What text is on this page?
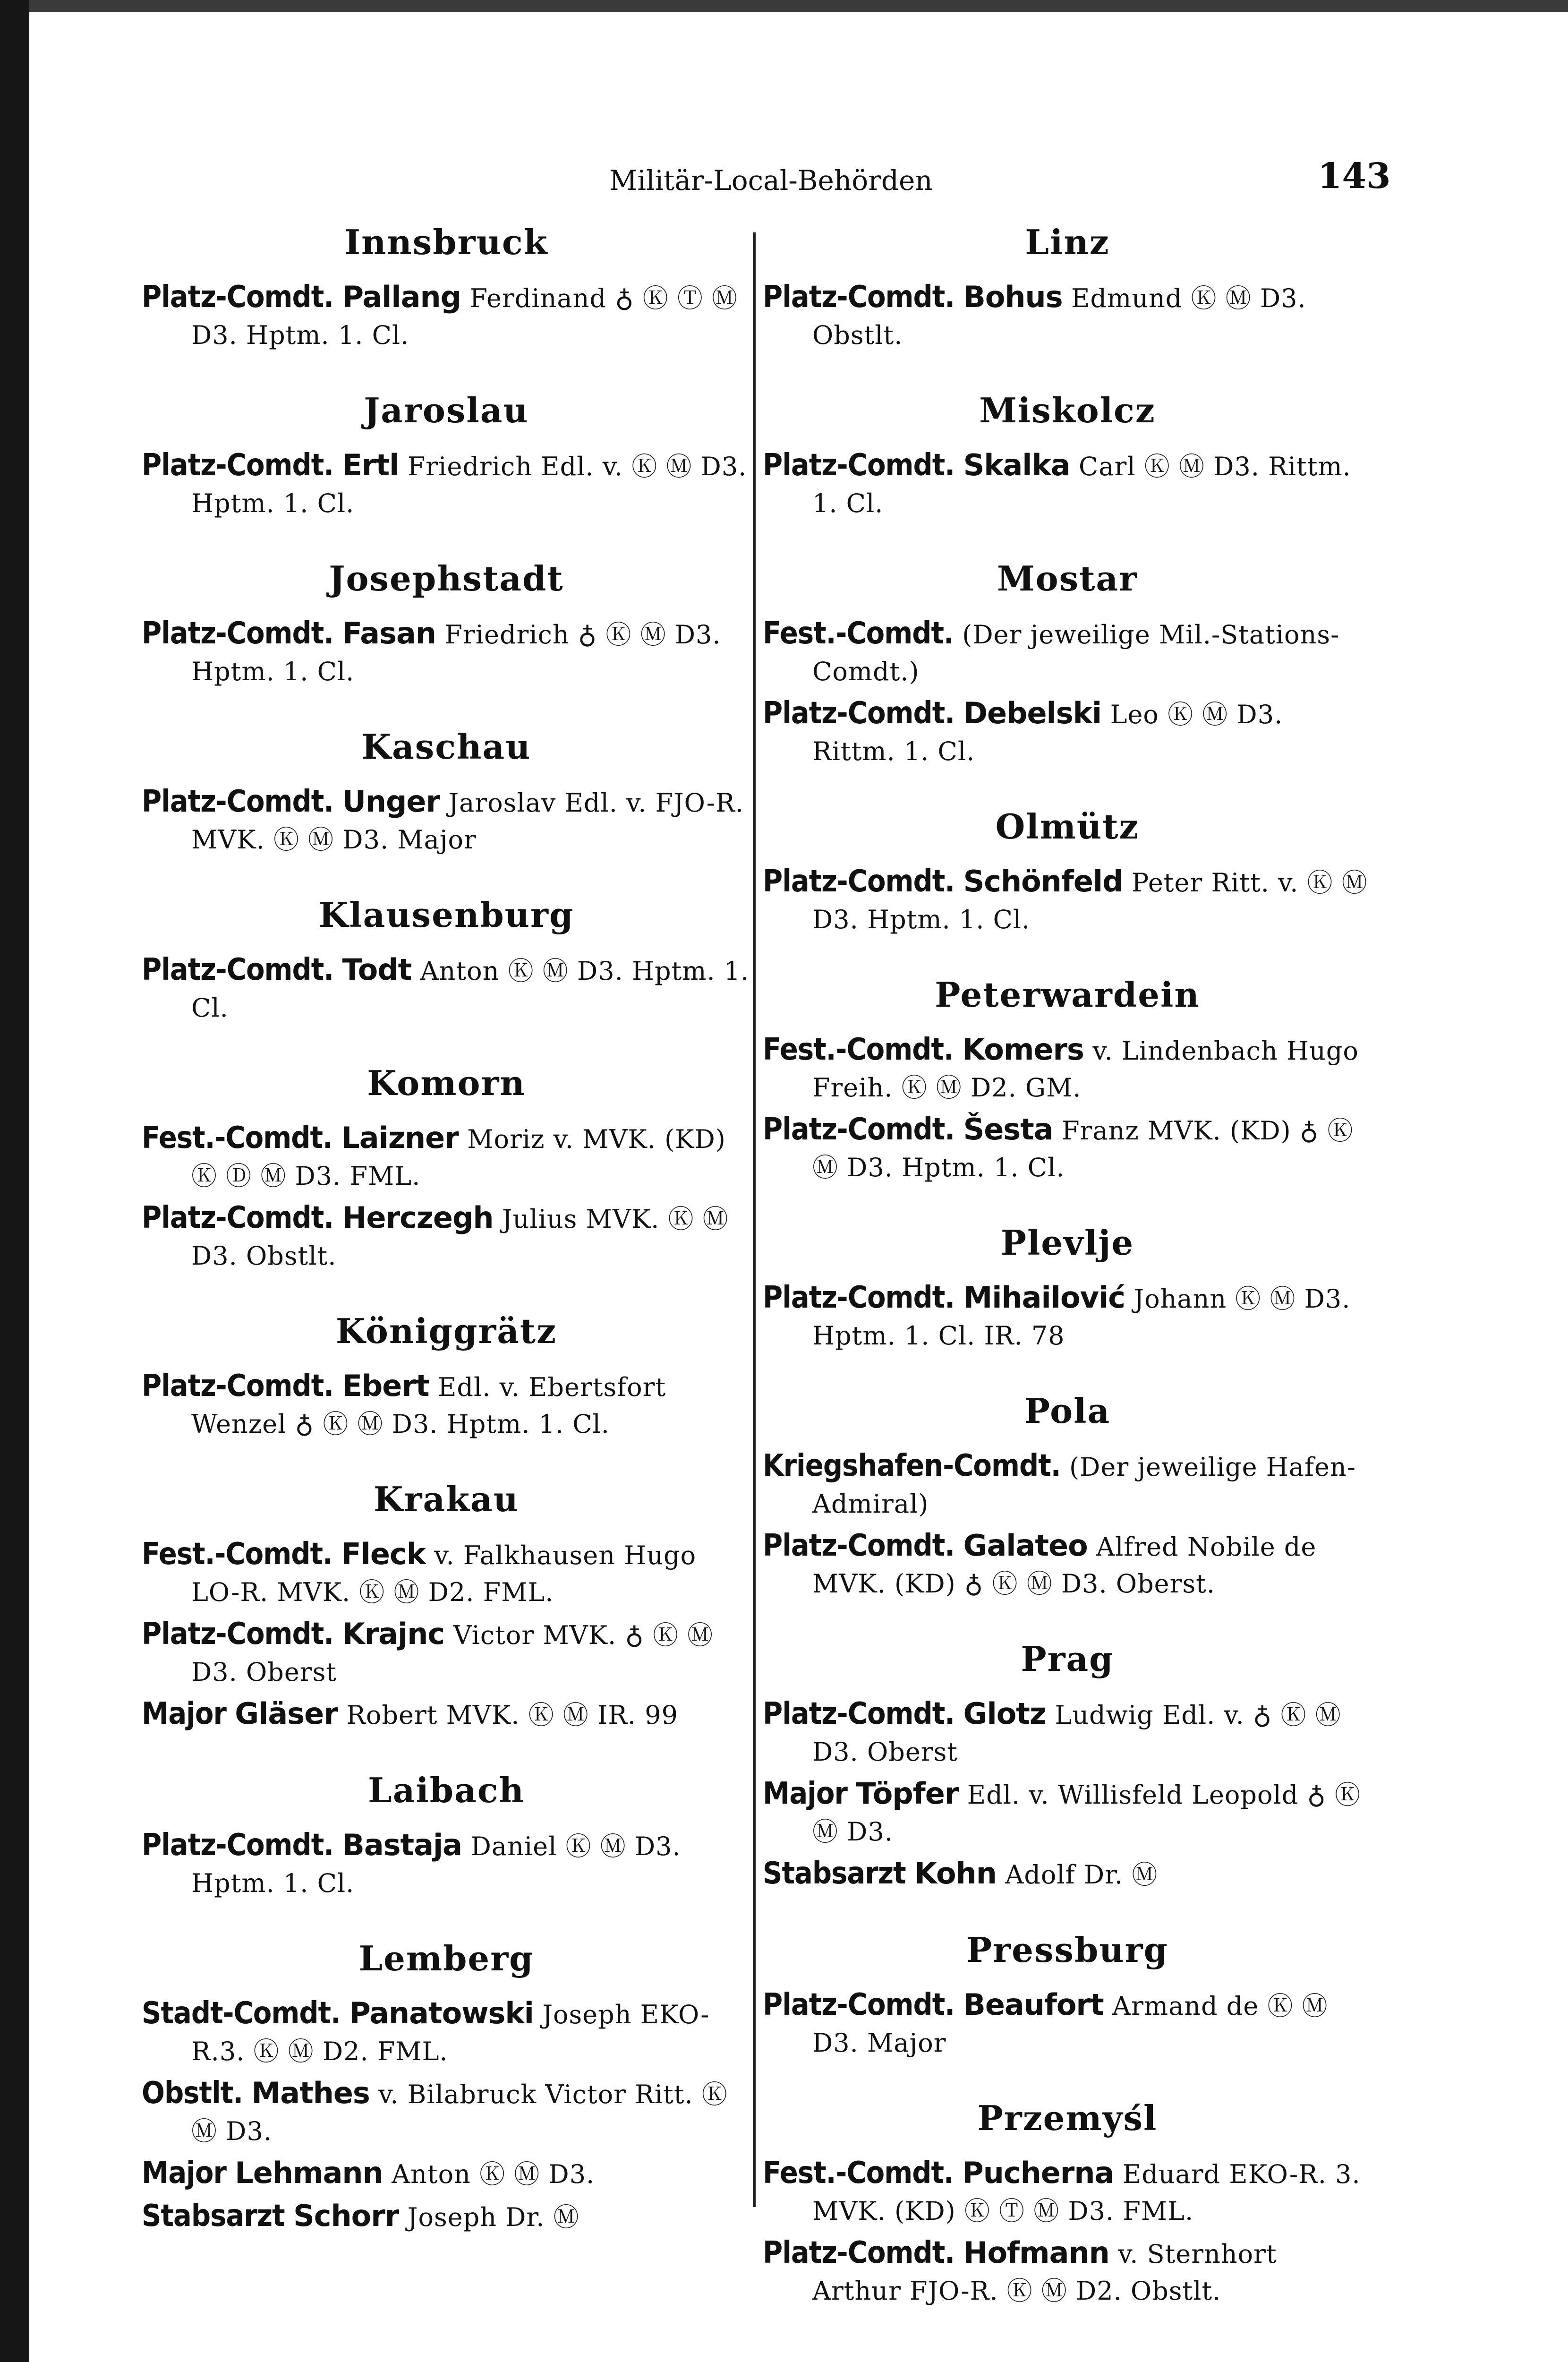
Militär-Local-Behörden	143
Innsbruck
Platz-Comdt. Pallang Ferdinand ♁ Ⓚ Ⓣ Ⓜ D3. Hptm. 1. Cl.
Jaroslau
Platz-Comdt. Ertl Friedrich Edl. v. Ⓚ Ⓜ D3. Hptm. 1. Cl.
Josephstadt
Platz-Comdt. Fasan Friedrich ♁ Ⓚ Ⓜ D3. Hptm. 1. Cl.
Kaschau
Platz-Comdt. Unger Jaroslav Edl. v. FJO-R. MVK. Ⓚ Ⓜ D3. Major
Klausenburg
Platz-Comdt. Todt Anton Ⓚ Ⓜ D3. Hptm. 1. Cl.
Komorn
Fest.-Comdt. Laizner Moriz v. MVK. (KD) Ⓚ Ⓓ Ⓜ D3. FML.
Platz-Comdt. Herczegh Julius MVK. Ⓚ Ⓜ D3. Obstlt.
Königgrätz
Platz-Comdt. Ebert Edl. v. Ebertsfort Wenzel ♁ Ⓚ Ⓜ D3. Hptm. 1. Cl.
Krakau
Fest.-Comdt. Fleck v. Falkhausen Hugo LO-R. MVK. Ⓚ Ⓜ D2. FML.
Platz-Comdt. Krajnc Victor MVK. ♁ Ⓚ Ⓜ D3. Oberst
Major Gläser Robert MVK. Ⓚ Ⓜ IR. 99
Laibach
Platz-Comdt. Bastaja Daniel Ⓚ Ⓜ D3. Hptm. 1. Cl.
Lemberg
Stadt-Comdt. Panatowski Joseph EKO-R.3. Ⓚ Ⓜ D2. FML.
Obstlt. Mathes v. Bilabruck Victor Ritt. Ⓚ Ⓜ D3.
Major Lehmann Anton Ⓚ Ⓜ D3.
Stabsarzt Schorr Joseph Dr. Ⓜ
Linz
Platz-Comdt. Bohus Edmund Ⓚ Ⓜ D3. Obstlt.
Miskolcz
Platz-Comdt. Skalka Carl Ⓚ Ⓜ D3. Rittm. 1. Cl.
Mostar
Fest.-Comdt. (Der jeweilige Mil.-Stations-Comdt.)
Platz-Comdt. Debelski Leo Ⓚ Ⓜ D3. Rittm. 1. Cl.
Olmütz
Platz-Comdt. Schönfeld Peter Ritt. v. Ⓚ Ⓜ D3. Hptm. 1. Cl.
Peterwardein
Fest.-Comdt. Komers v. Lindenbach Hugo Freih. Ⓚ Ⓜ D2. GM.
Platz-Comdt. Šesta Franz MVK. (KD) ♁ Ⓚ Ⓜ D3. Hptm. 1. Cl.
Plevlje
Platz-Comdt. Mihailović Johann Ⓚ Ⓜ D3. Hptm. 1. Cl. IR. 78
Pola
Kriegshafen-Comdt. (Der jeweilige Hafen-Admiral)
Platz-Comdt. Galateo Alfred Nobile de MVK. (KD) ♁ Ⓚ Ⓜ D3. Oberst.
Prag
Platz-Comdt. Glotz Ludwig Edl. v. ♁ Ⓚ Ⓜ D3. Oberst
Major Töpfer Edl. v. Willisfeld Leopold ♁ Ⓚ Ⓜ D3.
Stabsarzt Kohn Adolf Dr. Ⓜ
Pressburg
Platz-Comdt. Beaufort Armand de Ⓚ Ⓜ D3. Major
Przemyśl
Fest.-Comdt. Pucherna Eduard EKO-R. 3. MVK. (KD) Ⓚ Ⓣ Ⓜ D3. FML.
Platz-Comdt. Hofmann v. Sternhort Arthur FJO-R. Ⓚ Ⓜ D2. Obstlt.
